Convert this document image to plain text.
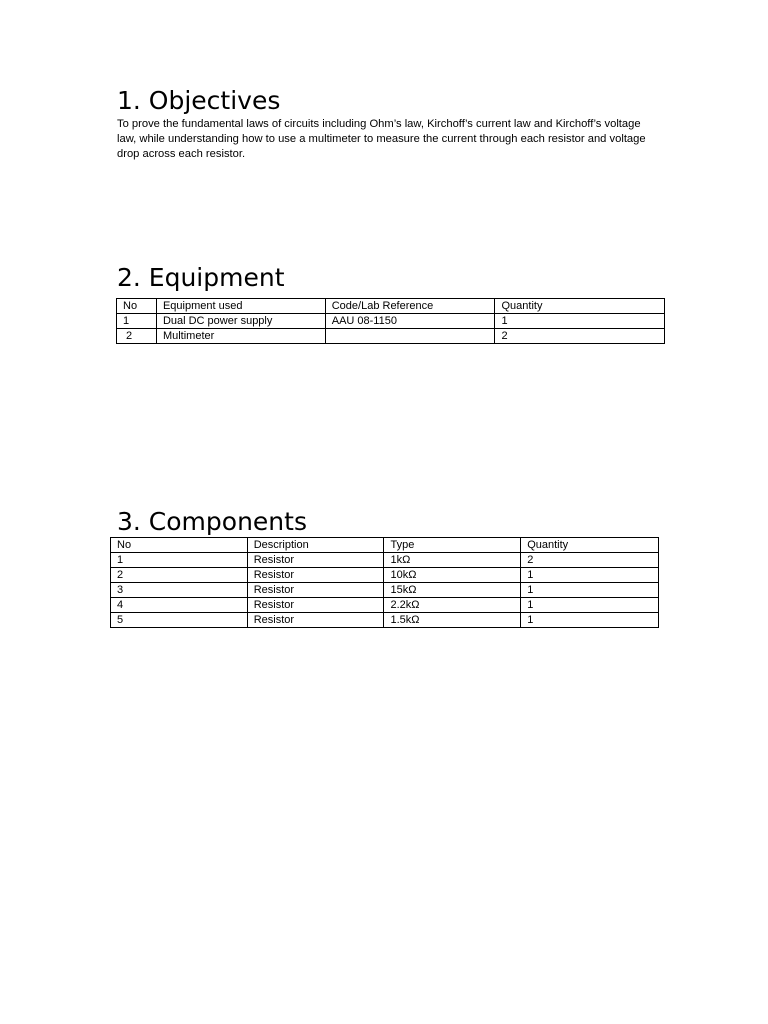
1. Objectives

To prove the fundamental laws of circuits including Ohm’s law, Kirchoff’s current law and Kirchoff’s voltage law, while understanding how to use a multimeter to measure the current through each resistor and voltage drop across each resistor.

2. Equipment
No	Equipment used	Code/Lab Reference	Quantity
1	Dual DC power supply	AAU 08-1150	1
2	Multimeter		2
3. Components
No	Description	Type	Quantity
1	Resistor	1kΩ	2
2	Resistor	10kΩ	1
3	Resistor	15kΩ	1
4	Resistor	2.2kΩ	1
5	Resistor	1.5kΩ	1
